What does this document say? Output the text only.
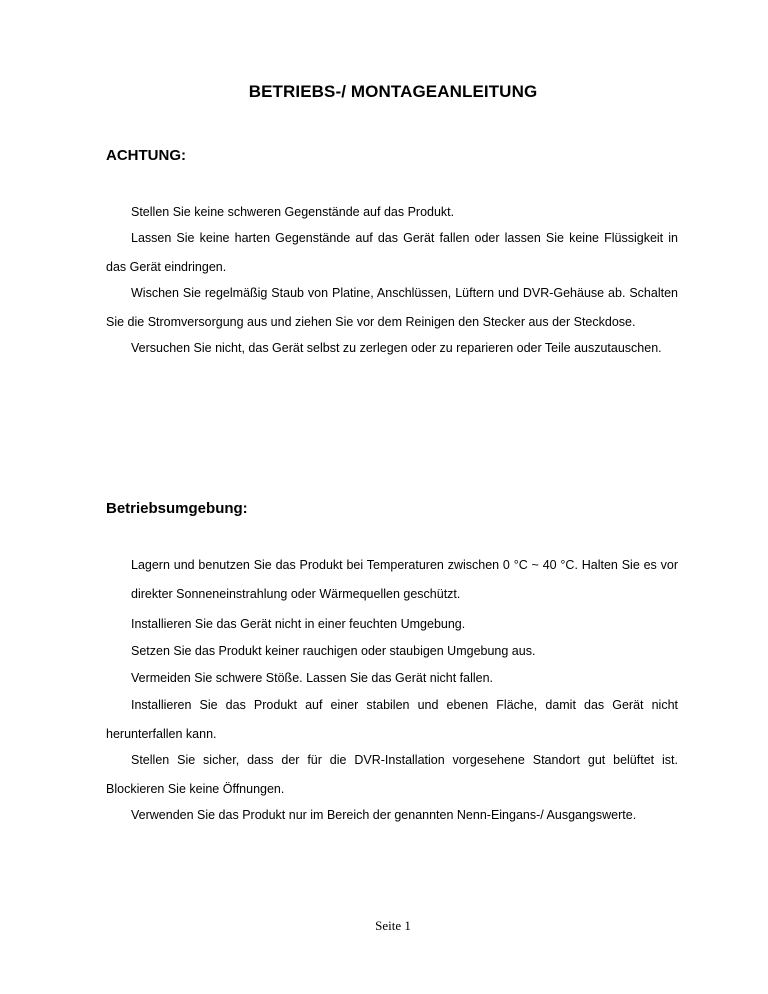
BETRIEBS-/ MONTAGEANLEITUNG
ACHTUNG:

Stellen Sie keine schweren Gegenstände auf das Produkt.

Lassen Sie keine harten Gegenstände auf das Gerät fallen oder lassen Sie keine Flüssigkeit in das Gerät eindringen.

Wischen Sie regelmäßig Staub von Platine, Anschlüssen, Lüftern und DVR-Gehäuse ab. Schalten Sie die Stromversorgung aus und ziehen Sie vor dem Reinigen den Stecker aus der Steckdose.

Versuchen Sie nicht, das Gerät selbst zu zerlegen oder zu reparieren oder Teile auszutauschen.

Betriebsumgebung:

Lagern und benutzen Sie das Produkt bei Temperaturen zwischen 0 °C ~ 40 °C. Halten Sie es vor direkter Sonneneinstrahlung oder Wärmequellen geschützt.

Installieren Sie das Gerät nicht in einer feuchten Umgebung.

Setzen Sie das Produkt keiner rauchigen oder staubigen Umgebung aus.

Vermeiden Sie schwere Stöße. Lassen Sie das Gerät nicht fallen.

Installieren Sie das Produkt auf einer stabilen und ebenen Fläche, damit das Gerät nicht herunterfallen kann.

Stellen Sie sicher, dass der für die DVR-Installation vorgesehene Standort gut belüftet ist. Blockieren Sie keine Öffnungen.

Verwenden Sie das Produkt nur im Bereich der genannten Nenn-Eingans-/ Ausgangswerte.

Seite 1
